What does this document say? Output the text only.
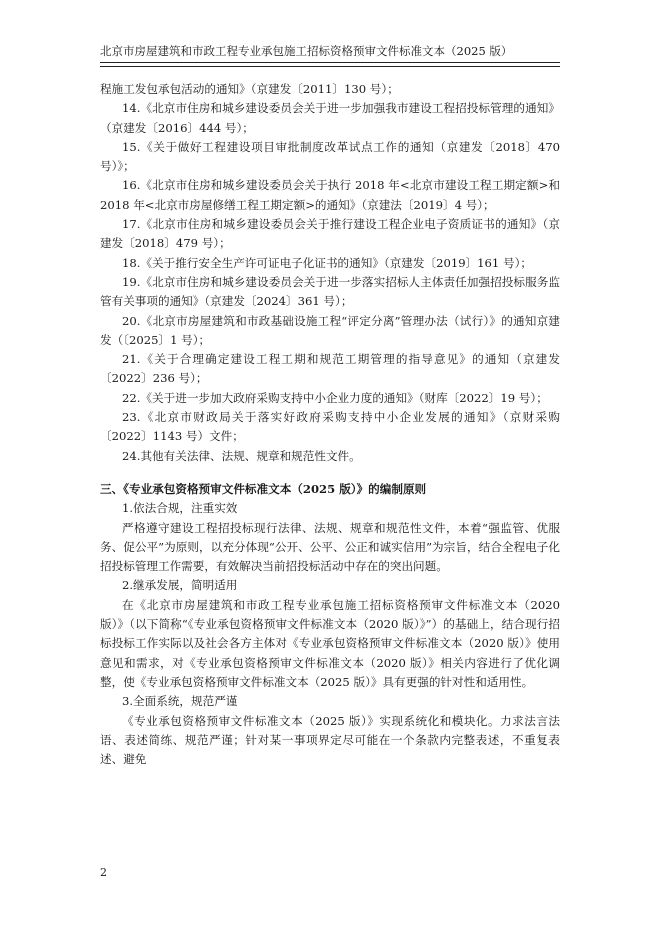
北京市房屋建筑和市政工程专业承包施工招标资格预审文件标准文本（2025 版）

程施工发包承包活动的通知》（京建发〔2011〕130 号）；

14.《北京市住房和城乡建设委员会关于进一步加强我市建设工程招投标管理的通知》（京建发〔2016〕444 号）；

15.《关于做好工程建设项目审批制度改革试点工作的通知（京建发〔2018〕470 号）》；

16.《北京市住房和城乡建设委员会关于执行 2018 年<北京市建设工程工期定额>和 2018 年<北京市房屋修缮工程工期定额>的通知》（京建法〔2019〕4 号）；

17.《北京市住房和城乡建设委员会关于推行建设工程企业电子资质证书的通知》（京建发〔2018〕479 号）；

18.《关于推行安全生产许可证电子化证书的通知》（京建发〔2019〕161 号）；

19.《北京市住房和城乡建设委员会关于进一步落实招标人主体责任加强招投标服务监管有关事项的通知》（京建发〔2024〕361 号）；

20.《北京市房屋建筑和市政基础设施工程“评定分离”管理办法（试行）》的通知京建发（〔2025〕1 号）；

21.《关于合理确定建设工程工期和规范工期管理的指导意见》的通知（京建发〔2022〕236 号）；

22.《关于进一步加大政府采购支持中小企业力度的通知》（财库〔2022〕19 号）；

23.《北京市财政局关于落实好政府采购支持中小企业发展的通知》（京财采购〔2022〕1143 号）文件；

24.其他有关法律、法规、规章和规范性文件。

三、《专业承包资格预审文件标准文本（2025 版）》的编制原则

1.依法合规，注重实效

严格遵守建设工程招投标现行法律、法规、规章和规范性文件，本着“强监管、优服务、促公平”为原则，以充分体现“公开、公平、公正和诚实信用”为宗旨，结合全程电子化招投标管理工作需要，有效解决当前招投标活动中存在的突出问题。

2.继承发展，简明适用

在《北京市房屋建筑和市政工程专业承包施工招标资格预审文件标准文本（2020 版）》（以下简称“《专业承包资格预审文件标准文本（2020 版）》”）的基础上，结合现行招标投标工作实际以及社会各方主体对《专业承包资格预审文件标准文本（2020 版）》使用意见和需求，对《专业承包资格预审文件标准文本（2020 版）》相关内容进行了优化调整，使《专业承包资格预审文件标准文本（2025 版）》具有更强的针对性和适用性。

3.全面系统，规范严谨

《专业承包资格预审文件标准文本（2025 版）》实现系统化和模块化。力求法言法语、表述简练、规范严谨；针对某一事项界定尽可能在一个条款内完整表述，不重复表述、避免

2
